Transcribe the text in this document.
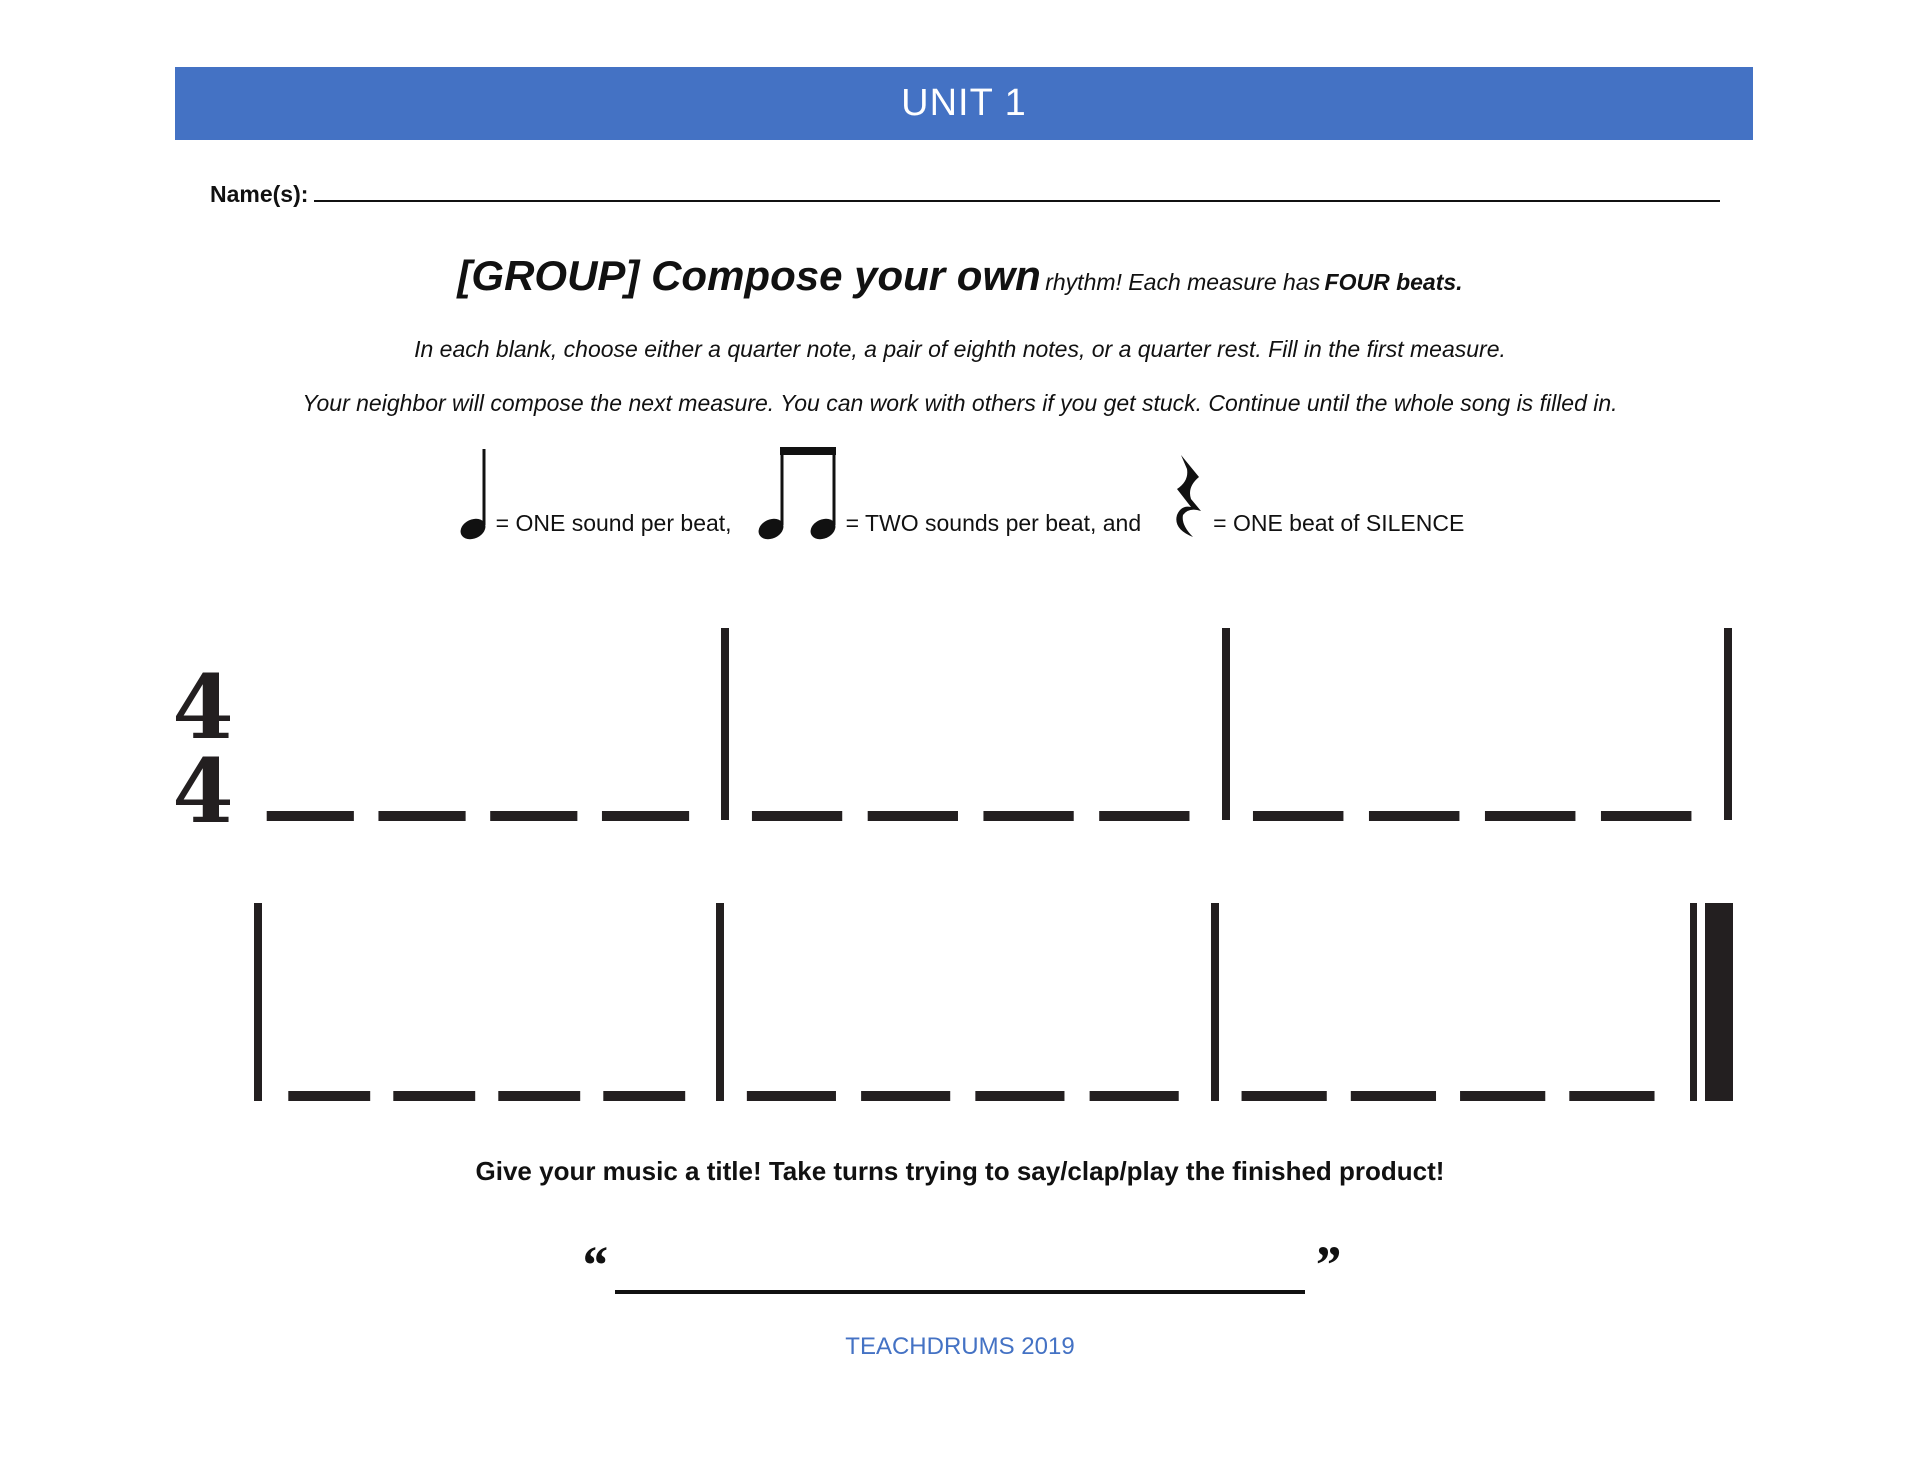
UNIT 1
Name(s):
[GROUP] Compose your own rhythm! Each measure has FOUR beats.
In each blank, choose either a quarter note, a pair of eighth notes, or a quarter rest. Fill in the first measure.
Your neighbor will compose the next measure. You can work with others if you get stuck. Continue until the whole song is filled in.
= ONE sound per beat,	= TWO sounds per beat, and	= ONE beat of SILENCE
4
4
Give your music a title! Take turns trying to say/clap/play the finished product!
“	”
TEACHDRUMS 2019
